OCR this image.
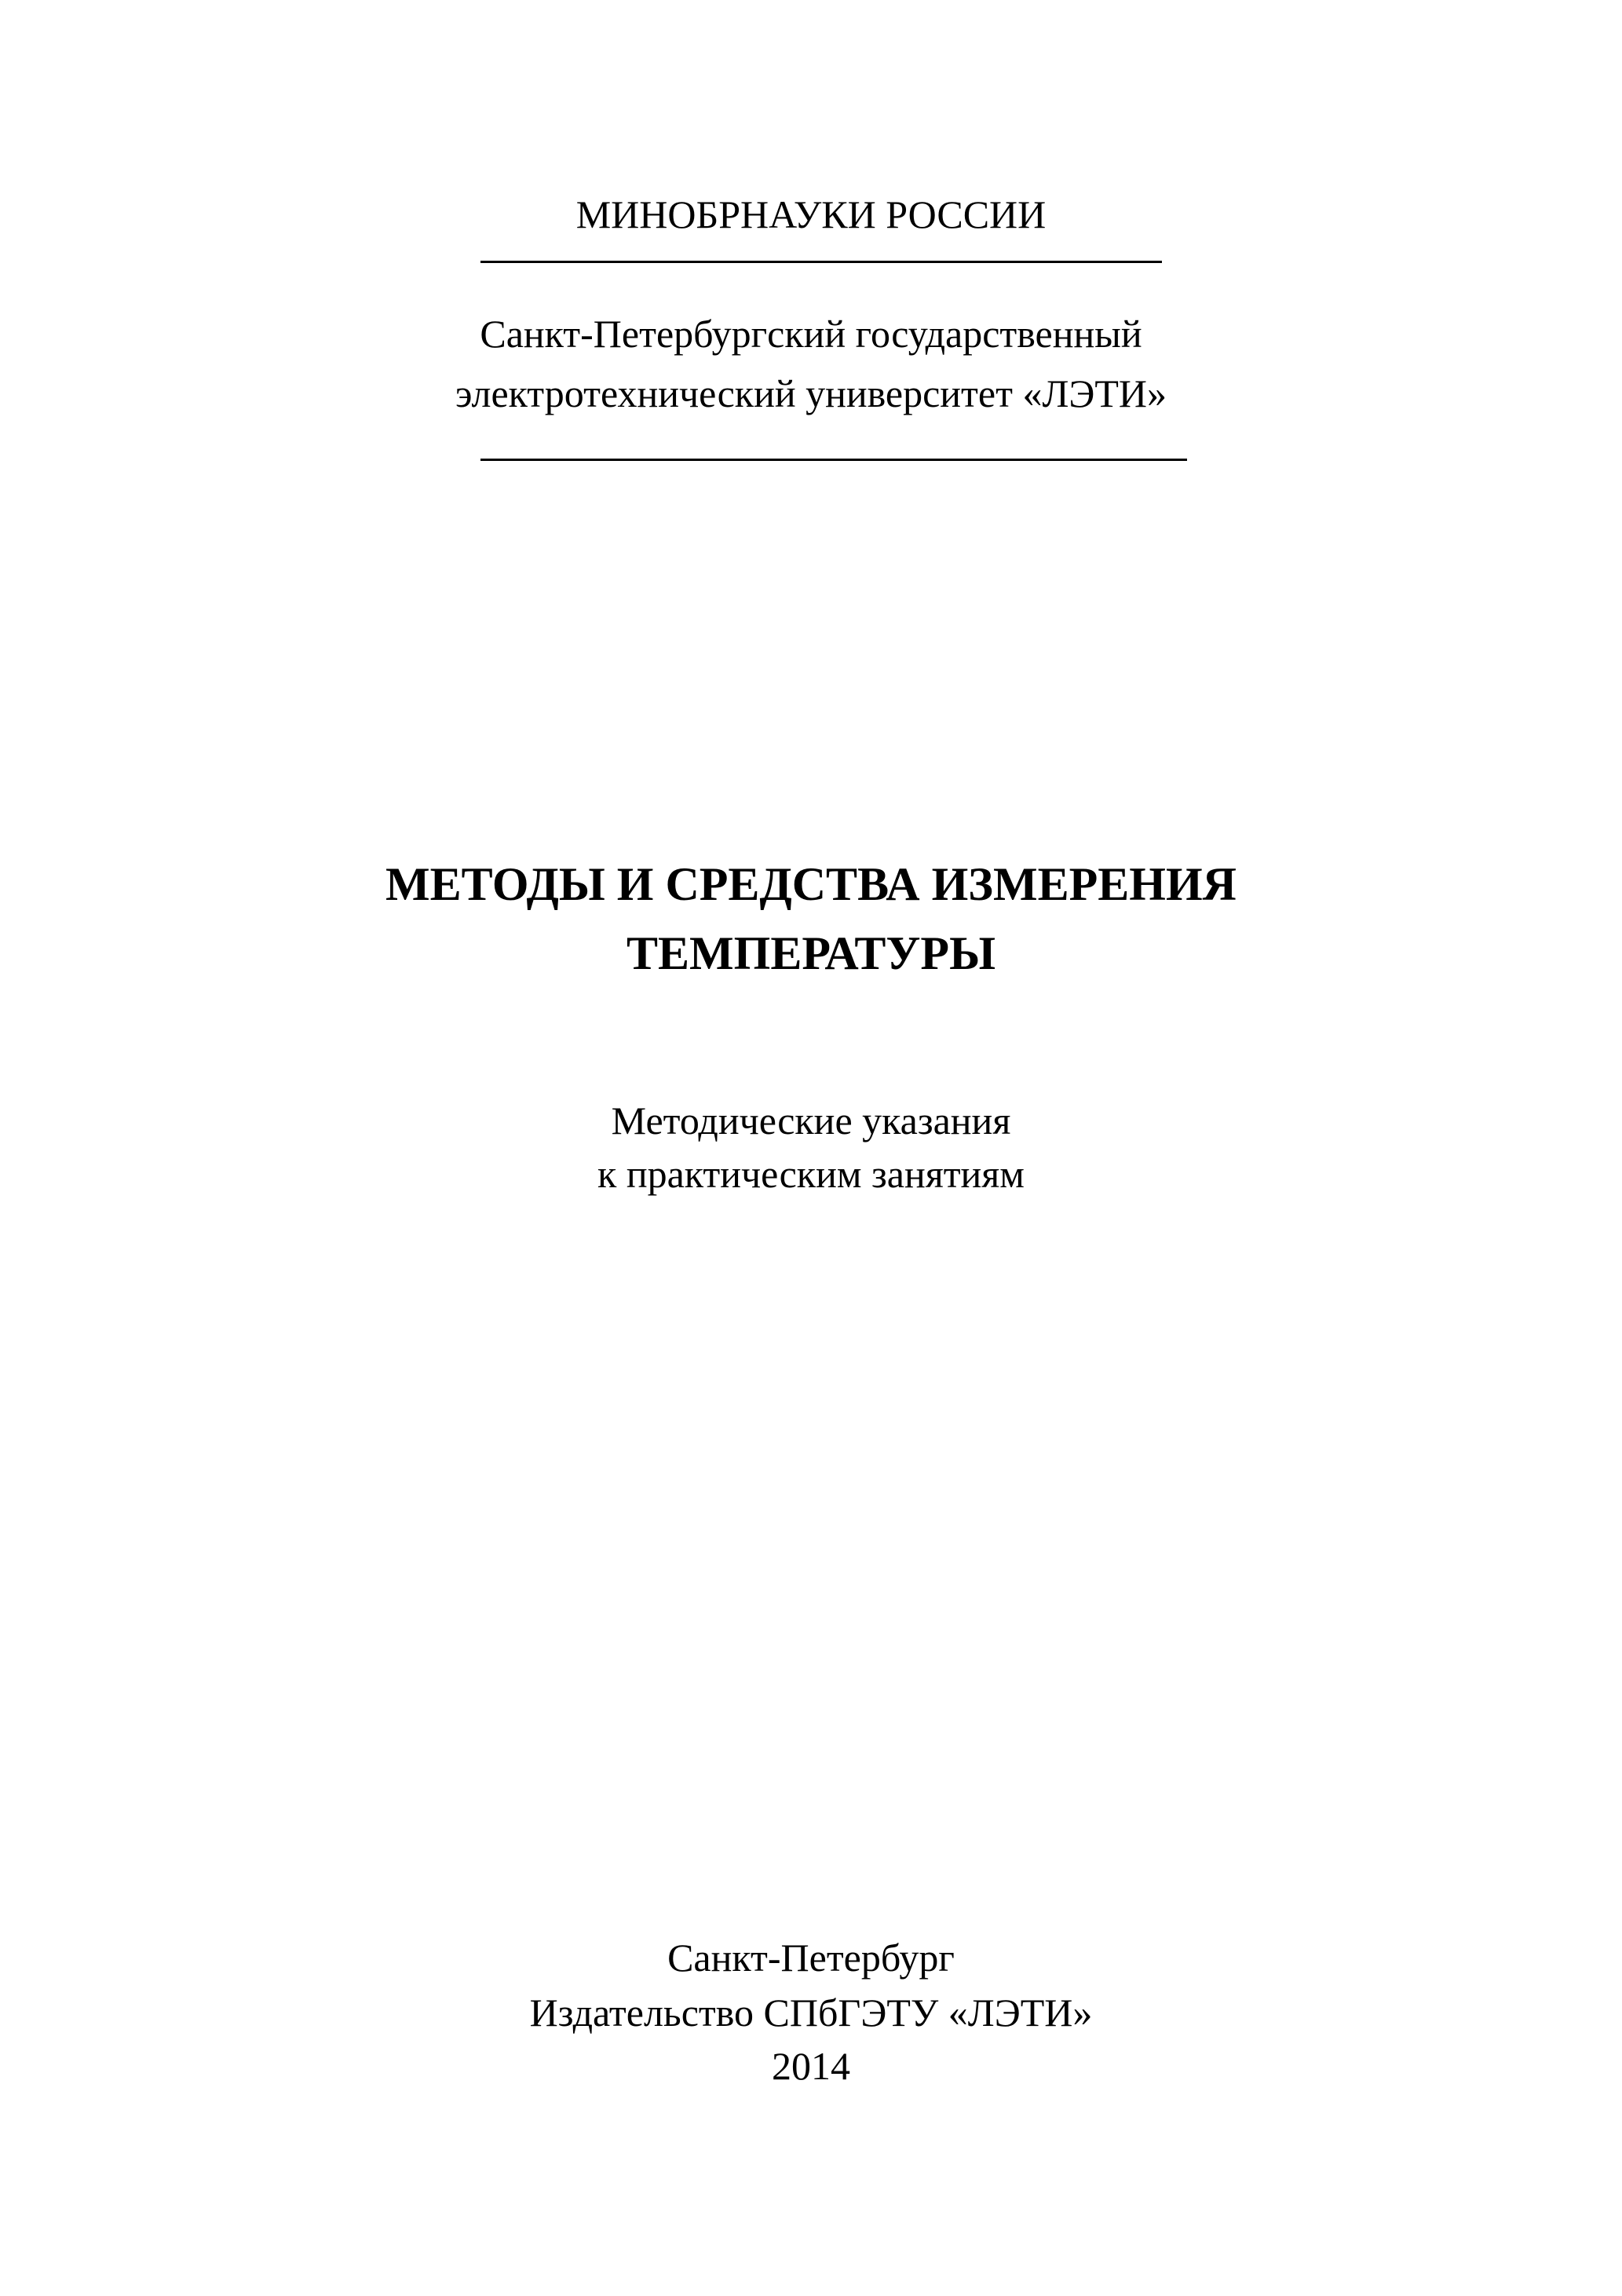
МИНОБРНАУКИ РОССИИ
Санкт-Петербургский государственный
электротехнический университет «ЛЭТИ»
МЕТОДЫ И СРЕДСТВА ИЗМЕРЕНИЯ
ТЕМПЕРАТУРЫ
Методические указания
к практическим занятиям
Санкт-Петербург
Издательство СПбГЭТУ «ЛЭТИ»
2014
